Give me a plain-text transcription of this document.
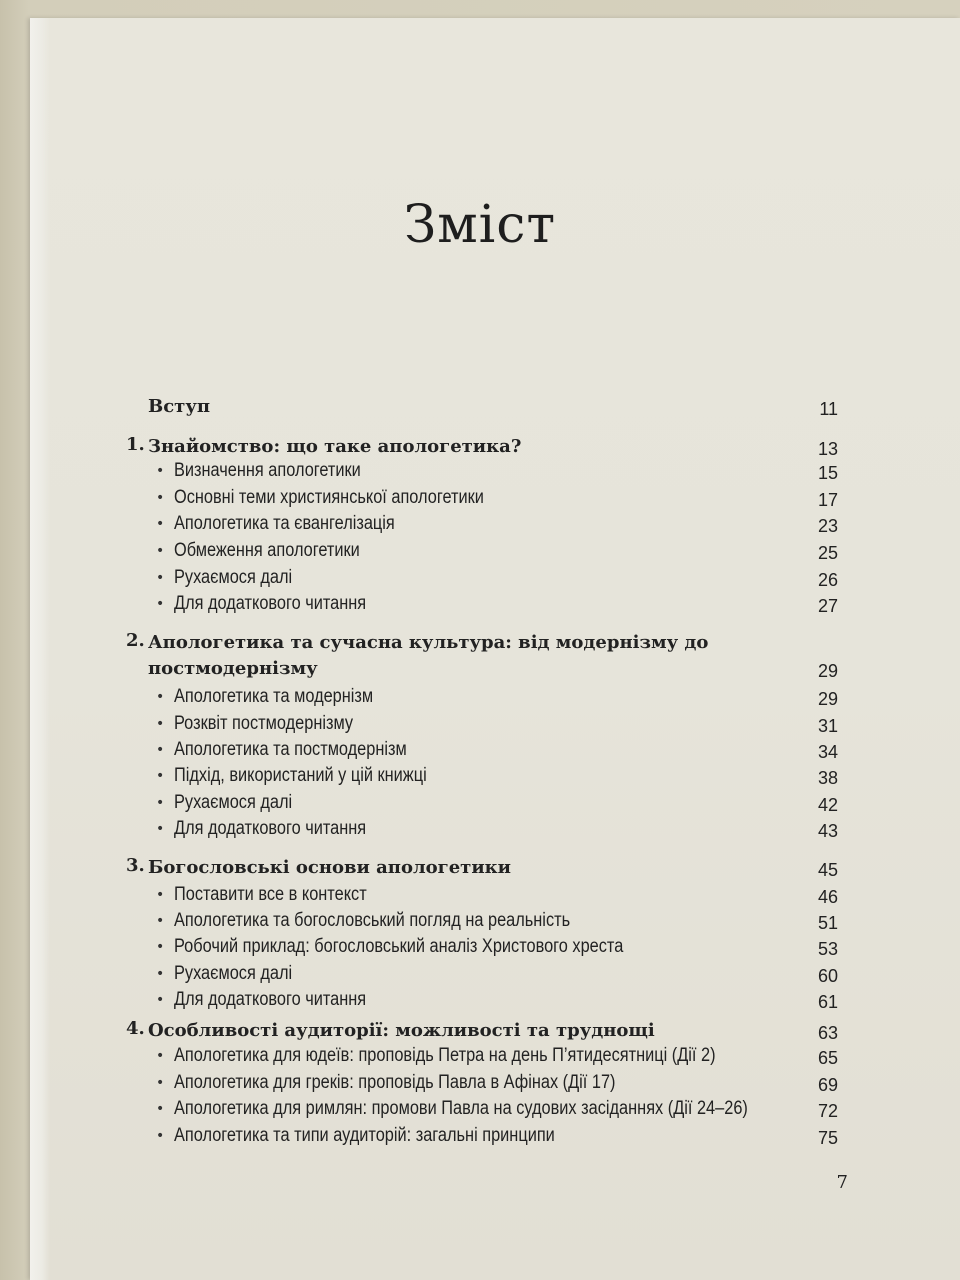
Зміст
Вступ	11
1. Знайомство: що таке апологетика?	13
• Визначення апологетики	15
• Основні теми християнської апологетики	17
• Апологетика та євангелізація	23
• Обмеження апологетики	25
• Рухаємося далі	26
• Для додаткового читання	27
2. Апологетика та сучасна культура: від модернізму до постмодернізму	29
• Апологетика та модернізм	29
• Розквіт постмодернізму	31
• Апологетика та постмодернізм	34
• Підхід, використаний у цій книжці	38
• Рухаємося далі	42
• Для додаткового читання	43
3. Богословські основи апологетики	45
• Поставити все в контекст	46
• Апологетика та богословський погляд на реальність	51
• Робочий приклад: богословський аналіз Христового хреста	53
• Рухаємося далі	60
• Для додаткового читання	61
4. Особливості аудиторії: можливості та труднощі	63
• Апологетика для юдеїв: проповідь Петра на день П’ятидесятниці (Дії 2)	65
• Апологетика для греків: проповідь Павла в Афінах (Дії 17)	69
• Апологетика для римлян: промови Павла на судових засіданнях (Дії 24–26)	72
• Апологетика та типи аудиторій: загальні принципи	75
7
